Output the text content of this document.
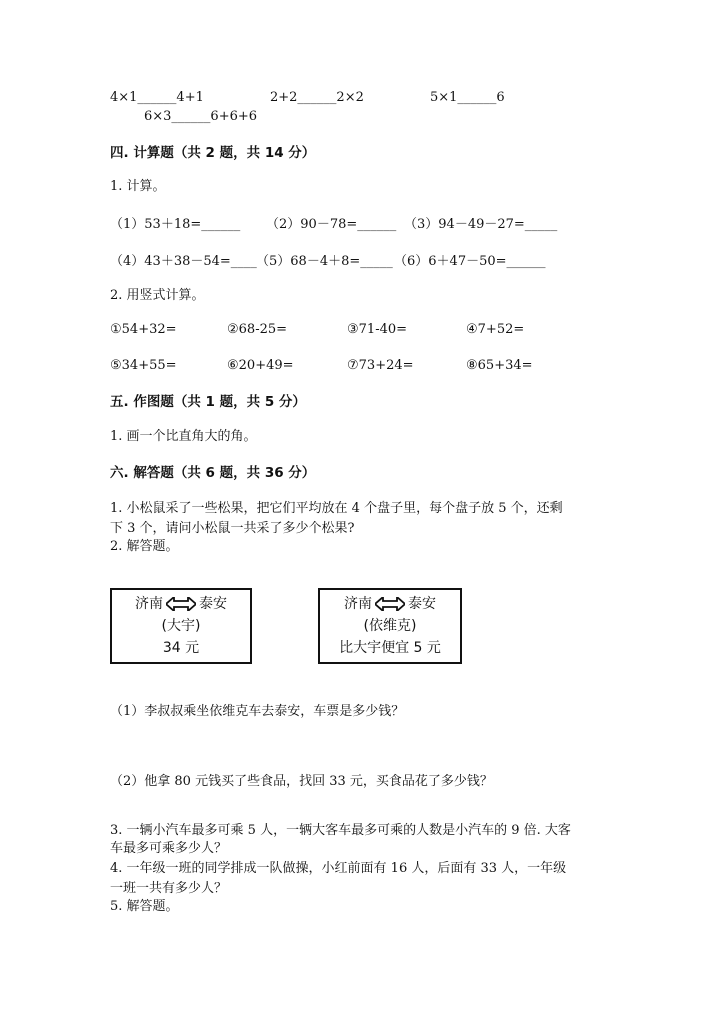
4×1______4+1	2+2______2×2	5×1______6
6×3______6+6+6
四. 计算题（共 2 题，共 14 分）
1. 计算。
（1）53＋18=______ （2）90－78=______ （3）94－49－27=_____
（4）43＋38－54=____ （5）68－4＋8=_____ （6）6＋47－50=______
2. 用竖式计算。
①54+32=	②68-25=	③71-40=	④7+52=
⑤34+55=	⑥20+49=	⑦73+24=	⑧65+34=
五. 作图题（共 1 题，共 5 分）
1. 画一个比直角大的角。
六. 解答题（共 6 题，共 36 分）
1. 小松鼠采了一些松果，把它们平均放在 4 个盘子里，每个盘子放 5 个，还剩
下 3 个，请问小松鼠一共采了多少个松果?
2. 解答题。
济南	泰安
(大宇)
34 元
济南	泰安
(依维克)
比大宇便宜 5 元
（1）李叔叔乘坐依维克车去泰安，车票是多少钱？
（2）他拿 80 元钱买了些食品，找回 33 元，买食品花了多少钱？
3. 一辆小汽车最多可乘 5 人，一辆大客车最多可乘的人数是小汽车的 9 倍. 大客
车最多可乘多少人？
4. 一年级一班的同学排成一队做操，小红前面有 16 人，后面有 33 人，一年级
一班一共有多少人？
5. 解答题。
